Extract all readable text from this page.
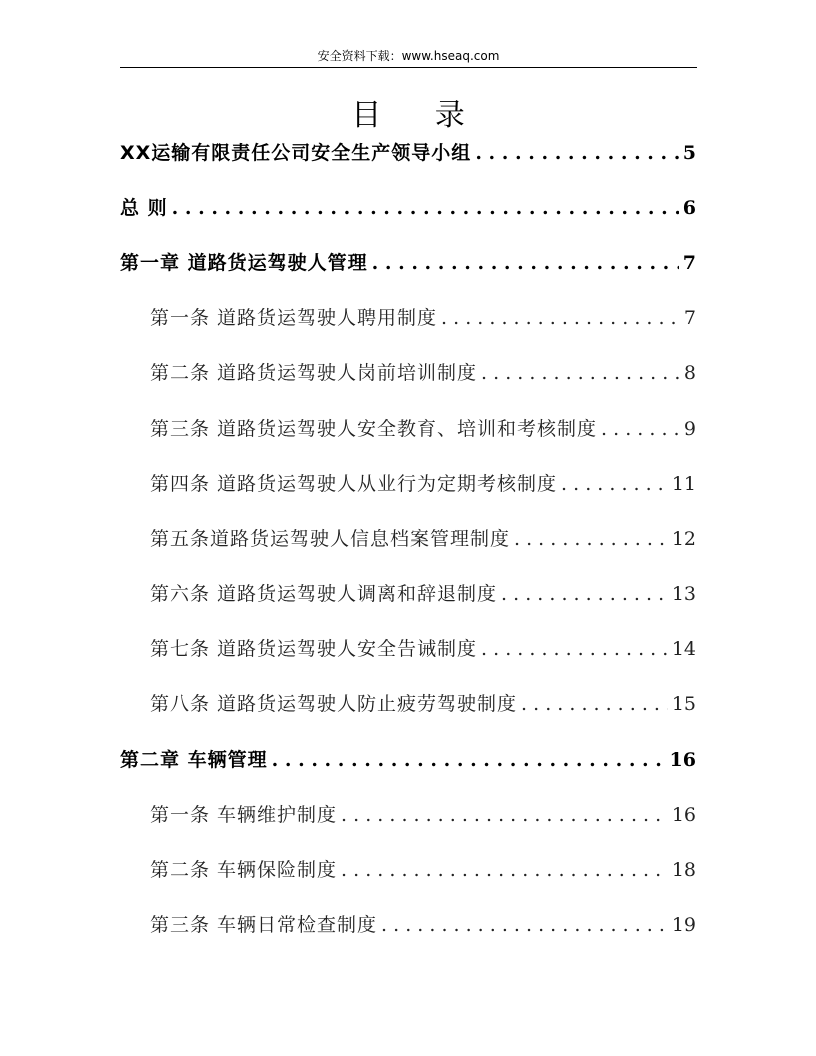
安全资料下载：www.hseaq.com
目 录
XX运输有限责任公司安全生产领导小组 . . .	5
总 则 . . .	6
第一章 道路货运驾驶人管理 . . .	7
第一条 道路货运驾驶人聘用制度 . . .	7
第二条 道路货运驾驶人岗前培训制度 . . .	8
第三条 道路货运驾驶人安全教育、培训和考核制度 . . .	9
第四条 道路货运驾驶人从业行为定期考核制度 . . .	11
第五条道路货运驾驶人信息档案管理制度 . . .	12
第六条 道路货运驾驶人调离和辞退制度 . . .	13
第七条 道路货运驾驶人安全告诫制度 . . .	14
第八条 道路货运驾驶人防止疲劳驾驶制度 . . .	15
第二章 车辆管理 . . .	16
第一条 车辆维护制度 . . .	16
第二条 车辆保险制度 . . .	18
第三条 车辆日常检查制度 . . .	19
